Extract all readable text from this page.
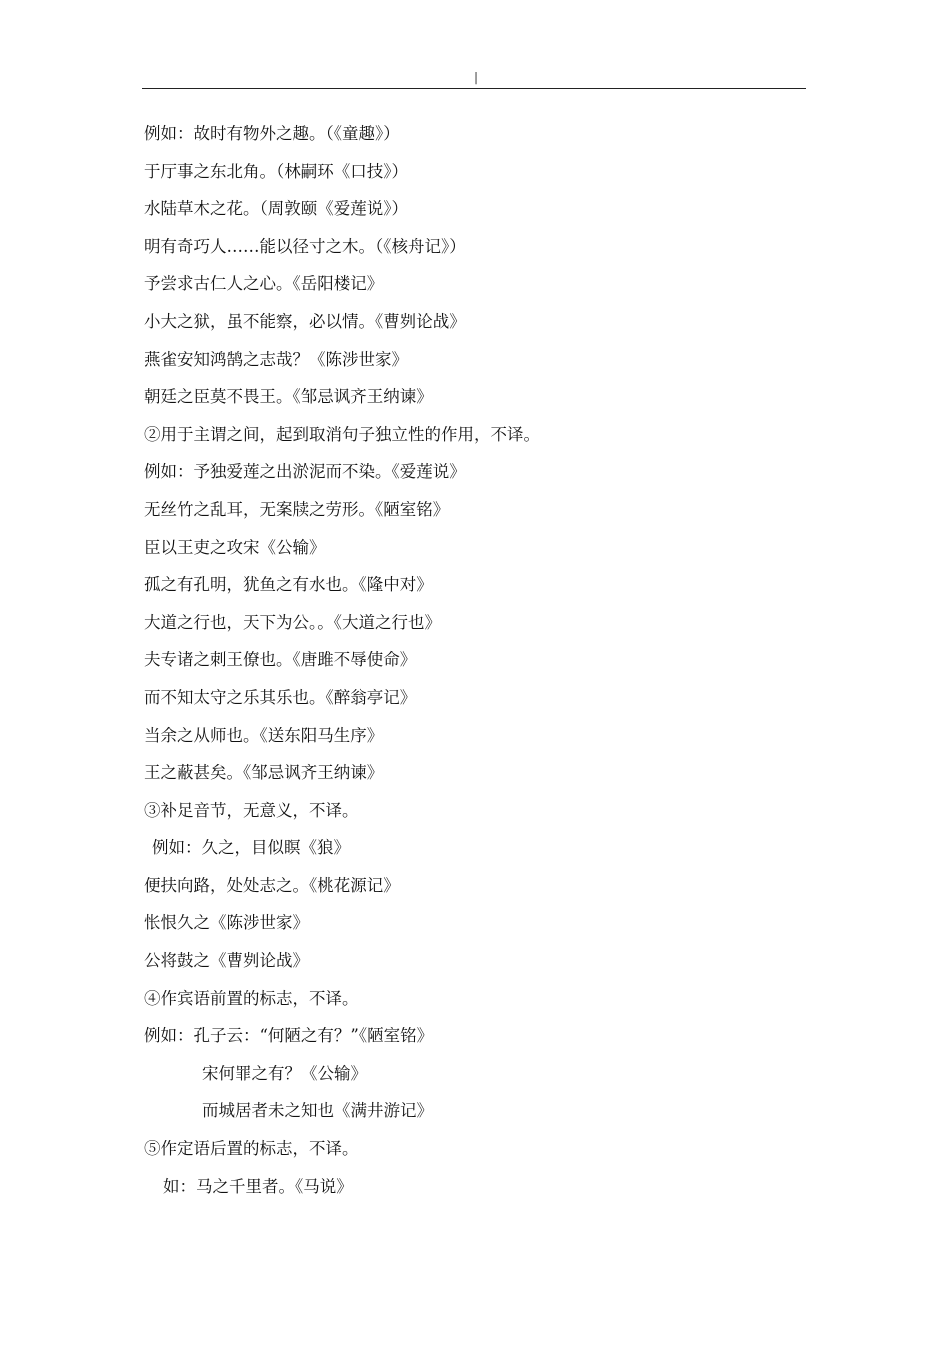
|
例如：故时有物外之趣。（《童趣》）
于厅事之东北角。（林嗣环《口技》）
水陆草木之花。（周敦颐《爱莲说》）
明有奇巧人……能以径寸之木。（《核舟记》）
予尝求古仁人之心。《岳阳楼记》
小大之狱，虽不能察，必以情。《曹刿论战》
燕雀安知鸿鹄之志哉？《陈涉世家》
朝廷之臣莫不畏王。《邹忌讽齐王纳谏》
②用于主谓之间，起到取消句子独立性的作用，不译。
例如：予独爱莲之出淤泥而不染。《爱莲说》
无丝竹之乱耳，无案牍之劳形。《陋室铭》
臣以王吏之攻宋《公输》
孤之有孔明，犹鱼之有水也。《隆中对》
大道之行也，天下为公。。《大道之行也》
夫专诸之刺王僚也。《唐雎不辱使命》
而不知太守之乐其乐也。《醉翁亭记》
当余之从师也。《送东阳马生序》
王之蔽甚矣。《邹忌讽齐王纳谏》
③补足音节，无意义，不译。
例如：久之，目似瞑《狼》
便扶向路，处处志之。《桃花源记》
怅恨久之《陈涉世家》
公将鼓之《曹刿论战》
④作宾语前置的标志，不译。
例如：孔子云：“何陋之有？”《陋室铭》
宋何罪之有？《公输》
而城居者未之知也《满井游记》
⑤作定语后置的标志，不译。
如：马之千里者。《马说》
